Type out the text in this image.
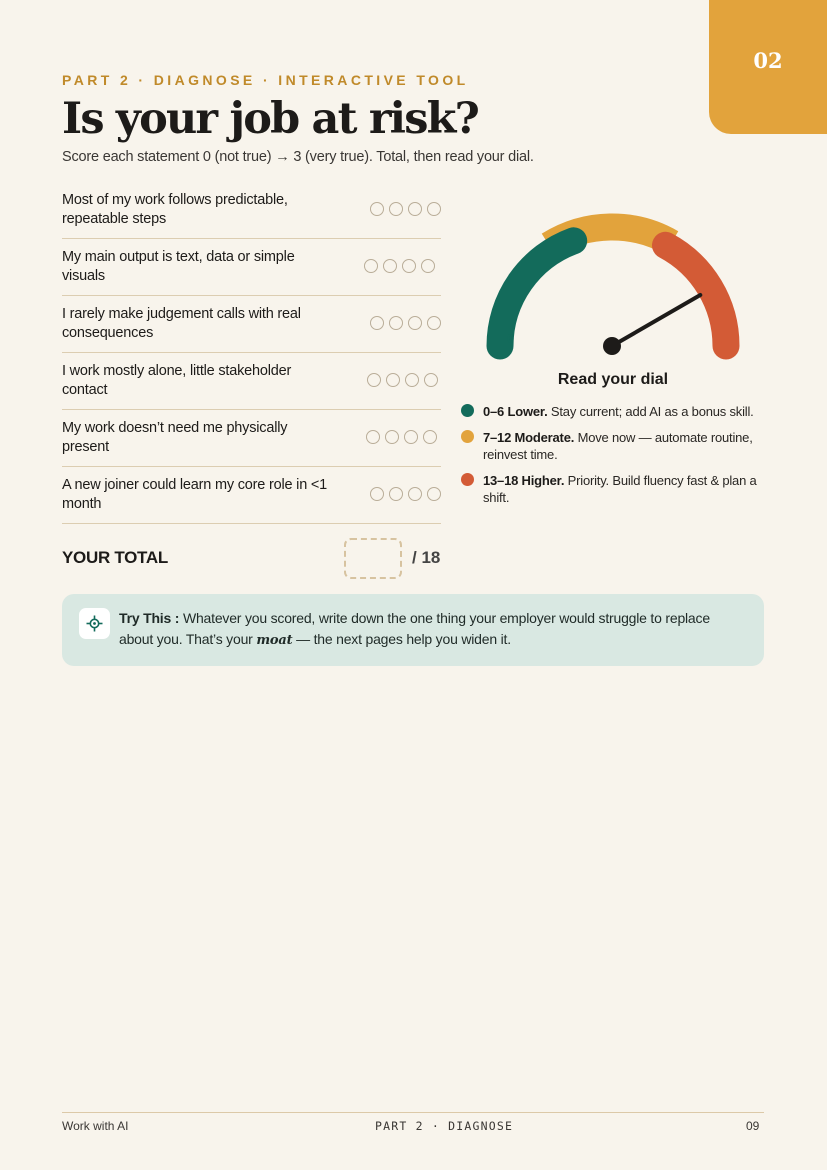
02
PART 2 · DIAGNOSE · INTERACTIVE TOOL
Is your job at risk?
Score each statement 0 (not true) → 3 (very true). Total, then read your dial.
Most of my work follows predictable, repeatable steps
My main output is text, data or simple visuals
I rarely make judgement calls with real consequences
I work mostly alone, little stakeholder contact
My work doesn’t need me physically present
A new joiner could learn my core role in <1 month
YOUR TOTAL	/ 18
0	1
Read your dial
0–6 Lower. Stay current; add AI as a bonus skill.
7–12 Moderate. Move now — automate routine, reinvest time.
13–18 Higher. Priority. Build fluency fast & plan a shift.
Try This : Whatever you scored, write down the one thing your employer would struggle to replace about you. That’s your moat — the next pages help you widen it.
Work with AI	PART 2 · DIAGNOSE	09
